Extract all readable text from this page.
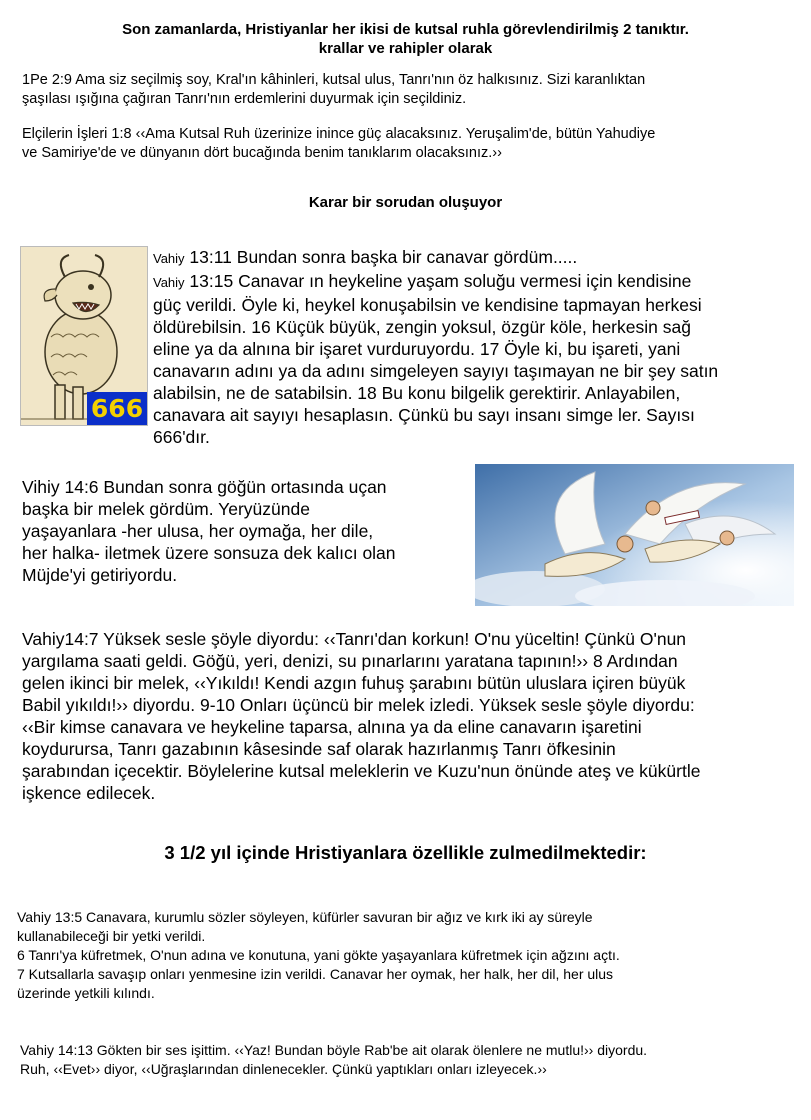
Son zamanlarda, Hristiyanlar her ikisi de kutsal ruhla görevlendirilmiş 2 tanıktır.
krallar ve rahipler olarak
1Pe 2:9 Ama siz seçilmiş soy, Kral'ın kâhinleri, kutsal ulus, Tanrı'nın öz halkısınız. Sizi karanlıktan
şaşılası ışığına çağıran Tanrı'nın erdemlerini duyurmak için seçildiniz.
Elçilerin İşleri 1:8 ‹‹Ama Kutsal Ruh üzerinize inince güç alacaksınız. Yeruşalim'de, bütün Yahudiye
ve Samiriye'de ve dünyanın dört bucağında benim tanıklarım olacaksınız.››
Karar bir sorudan oluşuyor
666
Vahiy 13:11 Bundan sonra başka bir canavar gördüm.....
Vahiy 13:15 Canavar ın heykeline yaşam soluğu vermesi için kendisine
güç verildi. Öyle ki, heykel konuşabilsin ve kendisine tapmayan herkesi
öldürebilsin. 16 Küçük büyük, zengin yoksul, özgür köle, herkesin sağ
eline ya da alnına bir işaret vurduruyordu. 17 Öyle ki, bu işareti, yani
canavarın adını ya da adını simgeleyen sayıyı taşımayan ne bir şey satın
alabilsin, ne de satabilsin. 18 Bu konu bilgelik gerektirir. Anlayabilen,
canavara ait sayıyı hesaplasın. Çünkü bu sayı insanı simge ler. Sayısı
666'dır.
Vihiy 14:6 Bundan sonra göğün ortasında uçan
başka bir melek gördüm. Yeryüzünde
yaşayanlara -her ulusa, her oymağa, her dile,
her halka- iletmek üzere sonsuza dek kalıcı olan
Müjde'yi getiriyordu.
Vahiy14:7 Yüksek sesle şöyle diyordu: ‹‹Tanrı'dan korkun! O'nu yüceltin! Çünkü O'nun
yargılama saati geldi. Göğü, yeri, denizi, su pınarlarını yaratana tapının!›› 8 Ardından
gelen ikinci bir melek, ‹‹Yıkıldı! Kendi azgın fuhuş şarabını bütün uluslara içiren büyük
Babil yıkıldı!›› diyordu. 9-10 Onları üçüncü bir melek izledi. Yüksek sesle şöyle diyordu:
‹‹Bir kimse canavara ve heykeline taparsa, alnına ya da eline canavarın işaretini
koydurursa, Tanrı gazabının kâsesinde saf olarak hazırlanmış Tanrı öfkesinin
şarabından içecektir. Böylelerine kutsal meleklerin ve Kuzu'nun önünde ateş ve kükürtle
işkence edilecek.
3 1/2 yıl içinde Hristiyanlara özellikle zulmedilmektedir:
Vahiy 13:5 Canavara, kurumlu sözler söyleyen, küfürler savuran bir ağız ve kırk iki ay süreyle
kullanabileceği bir yetki verildi.
6 Tanrı'ya küfretmek, O'nun adına ve konutuna, yani gökte yaşayanlara küfretmek için ağzını açtı.
7 Kutsallarla savaşıp onları yenmesine izin verildi. Canavar her oymak, her halk, her dil, her ulus
üzerinde yetkili kılındı.
Vahiy 14:13 Gökten bir ses işittim. ‹‹Yaz! Bundan böyle Rab'be ait olarak ölenlere ne mutlu!›› diyordu.
Ruh, ‹‹Evet›› diyor, ‹‹Uğraşlarından dinlenecekler. Çünkü yaptıkları onları izleyecek.››
